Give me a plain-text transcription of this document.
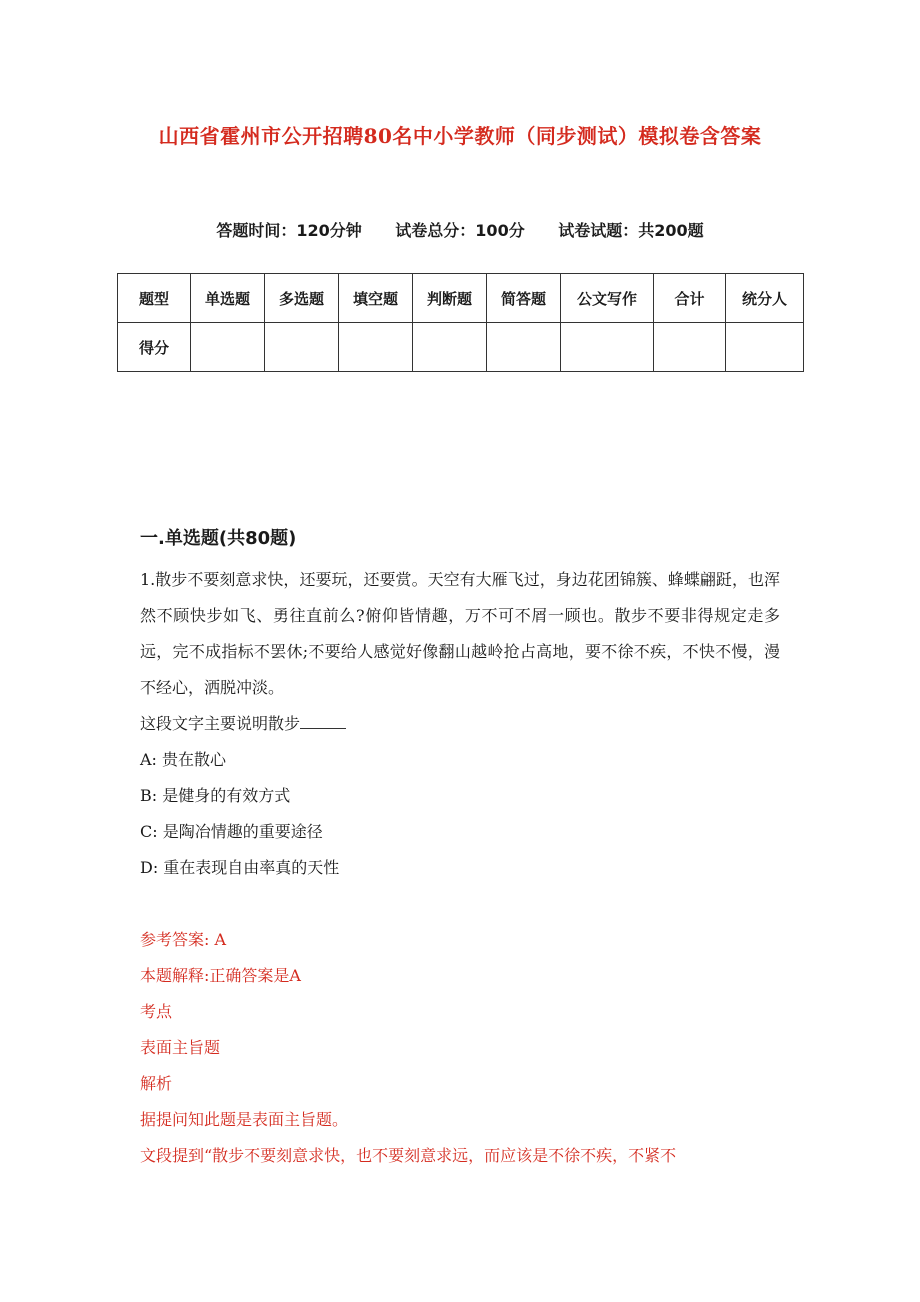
山西省霍州市公开招聘80名中小学教师（同步测试）模拟卷含答案
答题时间：120分钟 试卷总分：100分 试卷试题：共200题
题型	单选题	多选题	填空题	判断题	简答题	公文写作	合计	统分人
得分								
一.单选题(共80题)
1.散步不要刻意求快，还要玩，还要赏。天空有大雁飞过，身边花团锦簇、蜂蝶翩跹，也浑然不顾快步如飞、勇往直前么?俯仰皆情趣，万不可不屑一顾也。散步不要非得规定走多远，完不成指标不罢休;不要给人感觉好像翻山越岭抢占高地，要不徐不疾，不快不慢，漫不经心，洒脱冲淡。
这段文字主要说明散步
A: 贵在散心
B: 是健身的有效方式
C: 是陶冶情趣的重要途径
D: 重在表现自由率真的天性
参考答案: A
本题解释:正确答案是A
考点
表面主旨题
解析
据提问知此题是表面主旨题。
文段提到“散步不要刻意求快，也不要刻意求远，而应该是不徐不疾，不紧不
